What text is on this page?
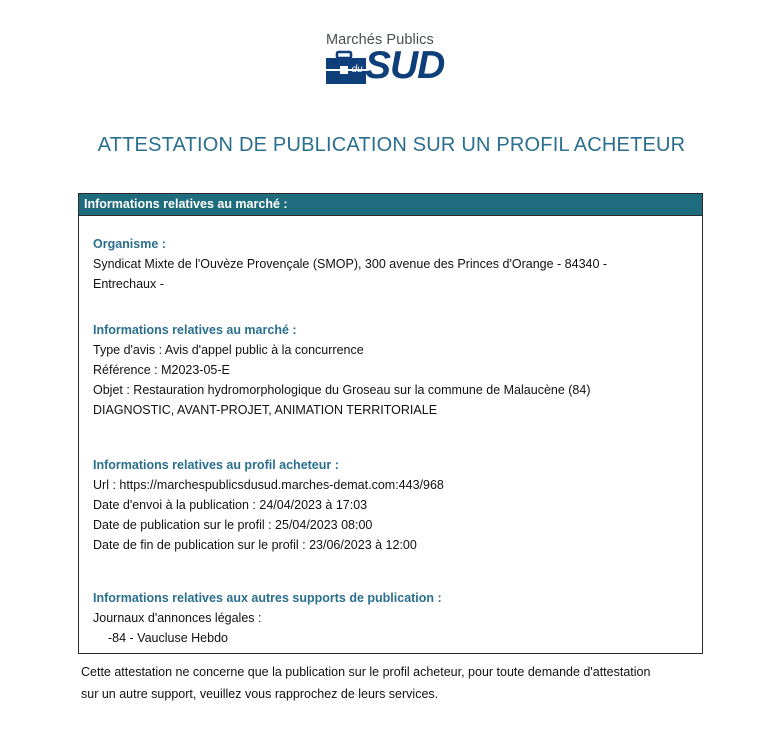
Marchés Publics
du SUD
ATTESTATION DE PUBLICATION SUR UN PROFIL ACHETEUR
Informations relatives au marché :
Organisme :
Syndicat Mixte de l'Ouvèze Provençale (SMOP), 300 avenue des Princes d'Orange - 84340 -
Entrechaux -
Informations relatives au marché :
Type d'avis : Avis d'appel public à la concurrence
Référence : M2023-05-E
Objet : Restauration hydromorphologique du Groseau sur la commune de Malaucène (84)
DIAGNOSTIC, AVANT-PROJET, ANIMATION TERRITORIALE
Informations relatives au profil acheteur :
Url : https://marchespublicsdusud.marches-demat.com:443/968
Date d'envoi à la publication : 24/04/2023 à 17:03
Date de publication sur le profil : 25/04/2023 08:00
Date de fin de publication sur le profil : 23/06/2023 à 12:00
Informations relatives aux autres supports de publication :
Journaux d'annonces légales :
-84 - Vaucluse Hebdo
Cette attestation ne concerne que la publication sur le profil acheteur, pour toute demande d'attestation
sur un autre support, veuillez vous rapprochez de leurs services.
